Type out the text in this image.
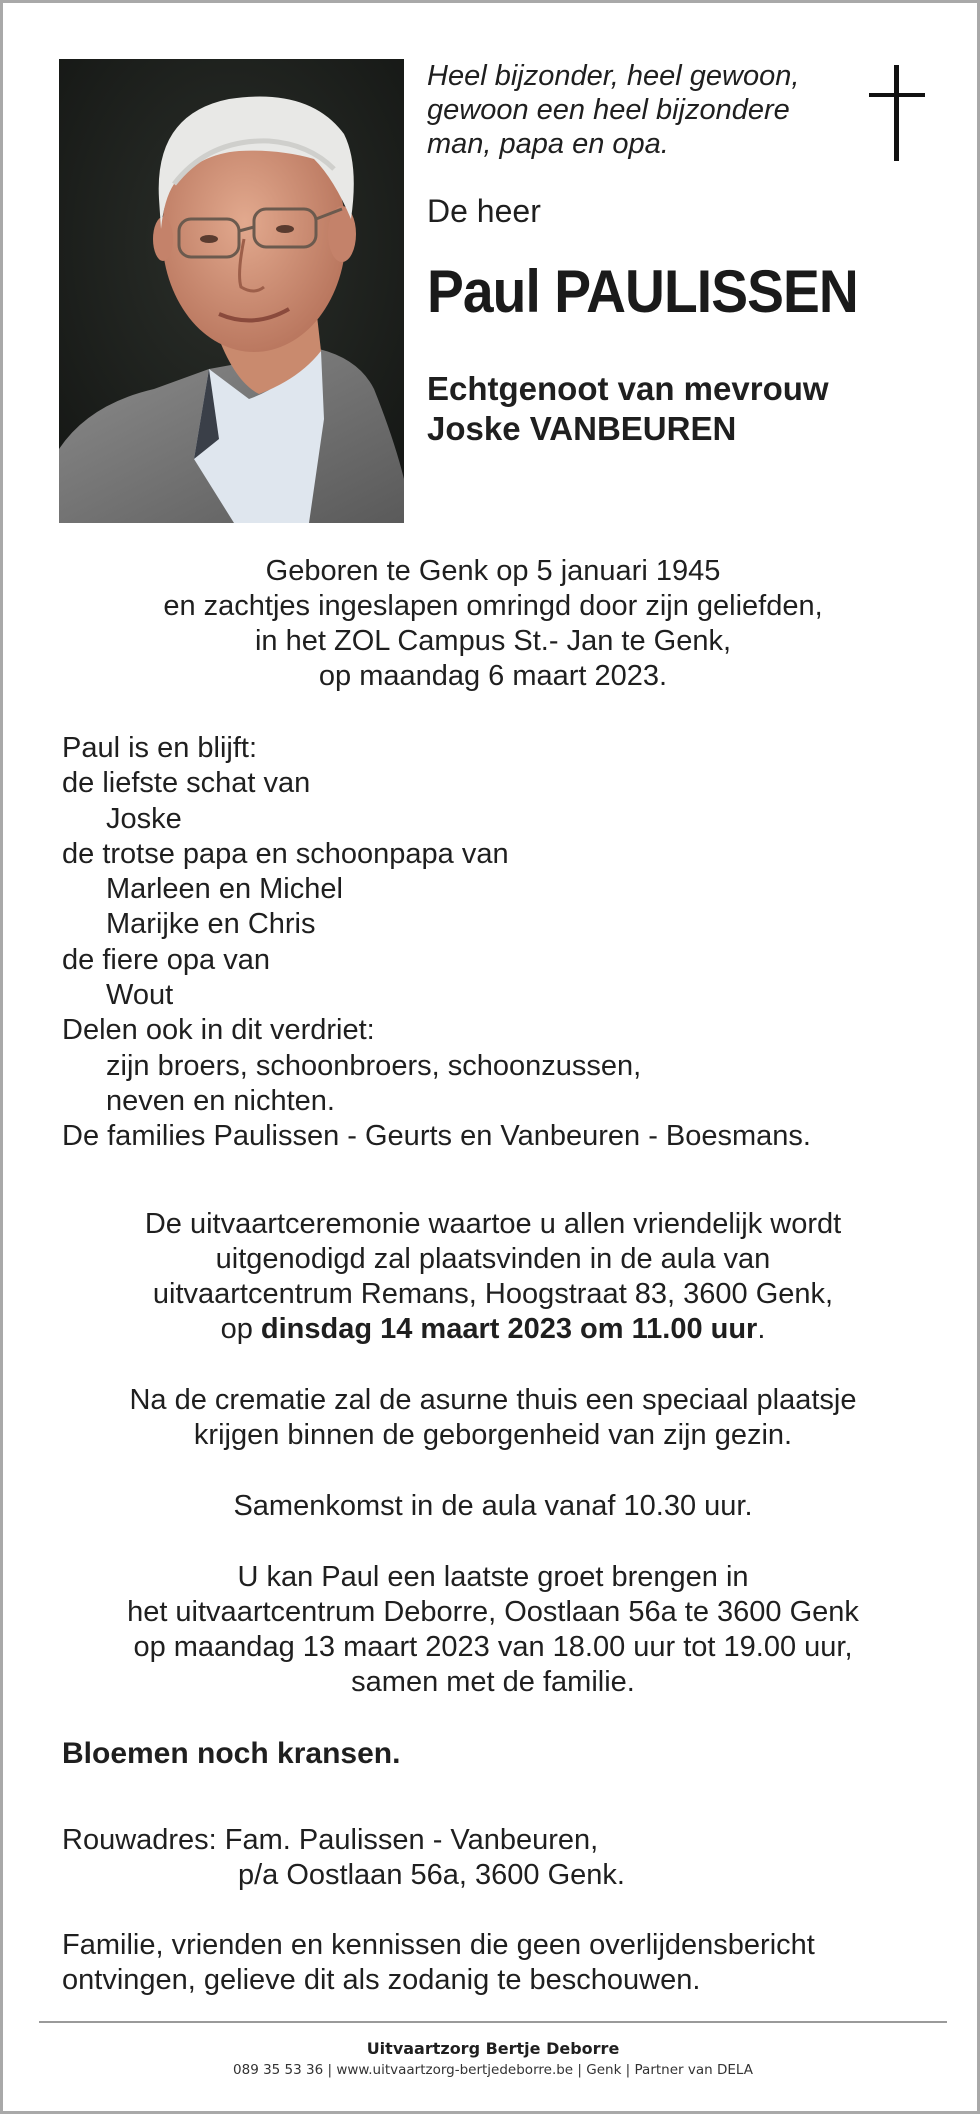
Heel bijzonder, heel gewoon,
gewoon een heel bijzondere
man, papa en opa.
De heer
Paul PAULISSEN
Echtgenoot van mevrouw
Joske VANBEUREN
Geboren te Genk op 5 januari 1945
en zachtjes ingeslapen omringd door zijn geliefden,
in het ZOL Campus St.- Jan te Genk,
op maandag 6 maart 2023.
Paul is en blijft:
de liefste schat van
Joske
de trotse papa en schoonpapa van
Marleen en Michel
Marijke en Chris
de fiere opa van
Wout
Delen ook in dit verdriet:
zijn broers, schoonbroers, schoonzussen,
neven en nichten.
De families Paulissen - Geurts en Vanbeuren - Boesmans.
De uitvaartceremonie waartoe u allen vriendelijk wordt
uitgenodigd zal plaatsvinden in de aula van
uitvaartcentrum Remans, Hoogstraat 83, 3600 Genk,
op dinsdag 14 maart 2023 om 11.00 uur.
Na de crematie zal de asurne thuis een speciaal plaatsje
krijgen binnen de geborgenheid van zijn gezin.
Samenkomst in de aula vanaf 10.30 uur.
U kan Paul een laatste groet brengen in
het uitvaartcentrum Deborre, Oostlaan 56a te 3600 Genk
op maandag 13 maart 2023 van 18.00 uur tot 19.00 uur,
samen met de familie.
Bloemen noch kransen.
Rouwadres: Fam. Paulissen - Vanbeuren,
p/a Oostlaan 56a, 3600 Genk.
Familie, vrienden en kennissen die geen overlijdensbericht
ontvingen, gelieve dit als zodanig te beschouwen.
Uitvaartzorg Bertje Deborre
089 35 53 36 | www.uitvaartzorg-bertjedeborre.be | Genk | Partner van DELA
